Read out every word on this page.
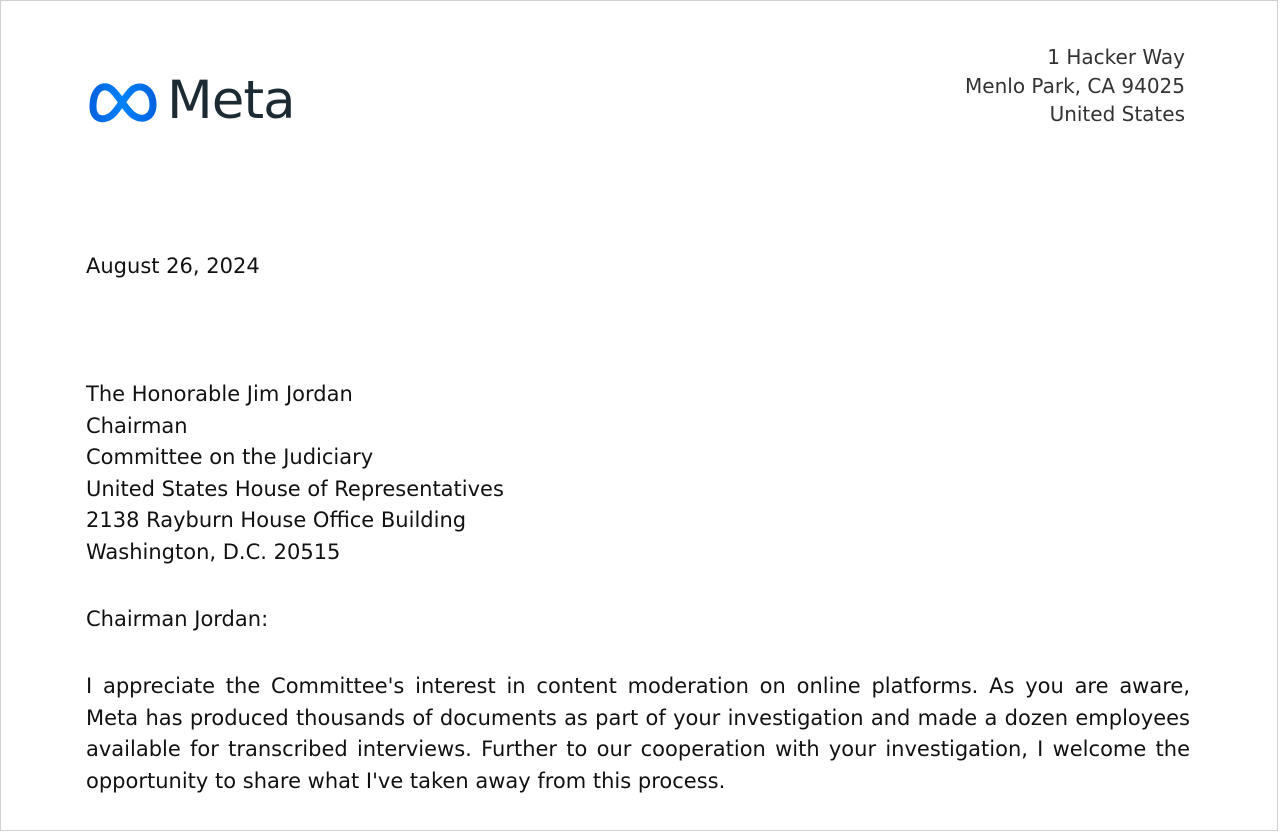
Meta
1 Hacker Way
Menlo Park, CA 94025
United States
August 26, 2024
The Honorable Jim Jordan
Chairman
Committee on the Judiciary
United States House of Representatives
2138 Rayburn House Office Building
Washington, D.C. 20515
Chairman Jordan:

I appreciate the Committee's interest in content moderation on online platforms. As you are aware, Meta has produced thousands of documents as part of your investigation and made a dozen employees available for transcribed interviews. Further to our cooperation with your investigation, I welcome the opportunity to share what I've taken away from this process.
